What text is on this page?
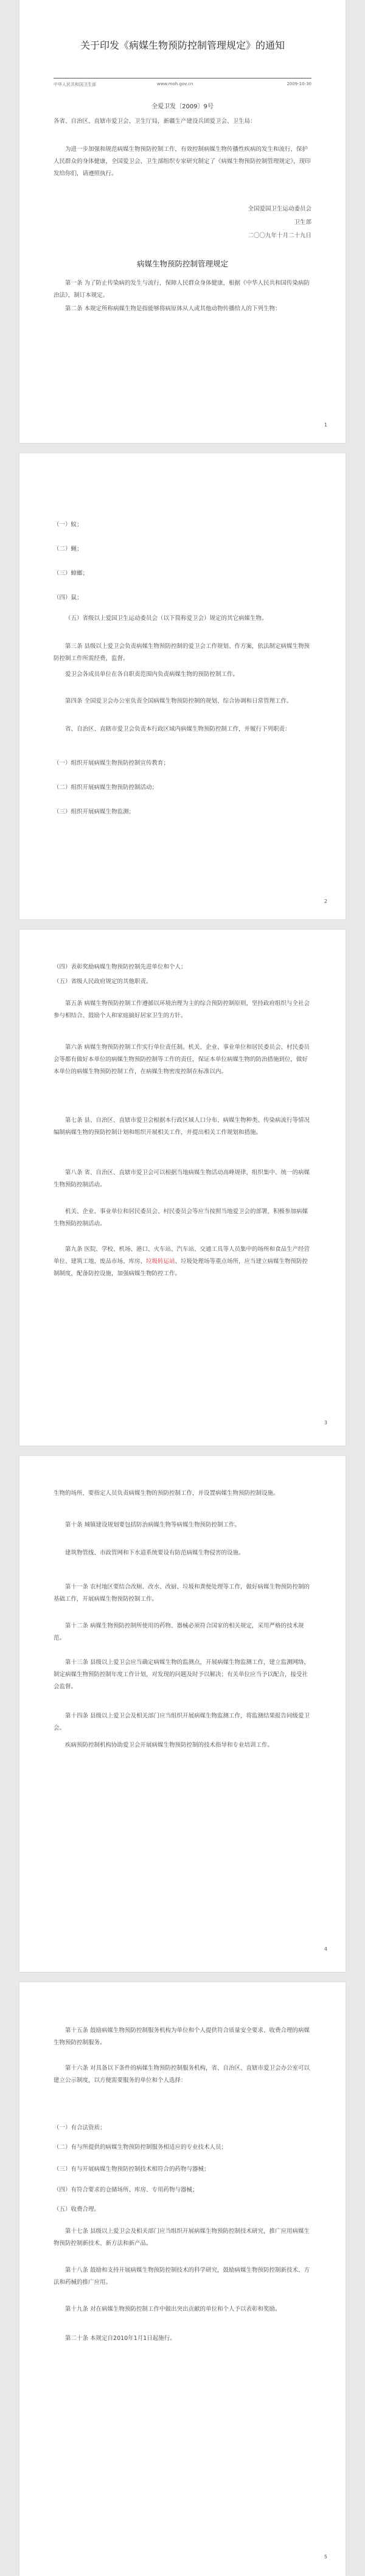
关于印发《病媒生物预防控制管理规定》的通知
中华人民共和国卫生部	www.moh.gov.cn	2009-10-30
全爱卫发〔2009〕9号

各省、自治区、直辖市爱卫会、卫生厅局，新疆生产建设兵团爱卫会、卫生局：

为进一步加强和规范病媒生物预防控制工作，有效控制病媒生物传播性疾病的发生和流行，保护人民群众的身体健康，全国爱卫会、卫生部组织专家研究制定了《病媒生物预防控制管理规定》，现印发给你们，请遵照执行。

全国爱国卫生运动委员会

卫生部

二〇〇九年十月二十九日

病媒生物预防控制管理规定

第一条 为了防止传染病的发生与流行，保障人民群众身体健康，根据《中华人民共和国传染病防治法》，制订本规定。

第二条 本规定所称病媒生物是指能够将病原体从人或其他动物传播给人的下列生物：

1

（一）蚊；

（二）蝇；

（三）蟑螂；

（四）鼠；

（五）省级以上爱国卫生运动委员会（以下简称爱卫会）规定的其它病媒生物。

第三条 县级以上爱卫会负责病媒生物预防控制的爱卫会工作规划、作方案，依法制定病媒生物预防控制工作所需经费，监督。

爱卫会各成员单位在各自职责范围内负责病媒生物的预防控制工作。

第四条 全国爱卫会办公室负责全国病媒生物预防控制的规划、综合协调和日常管理工作。

省、自治区、直辖市爱卫会负责本行政区域内病媒生物预防控制工作，并履行下列职责：

（一）组织开展病媒生物预防控制宣传教育；

（二）组织开展病媒生物预防控制活动；

（三）组织开展病媒生物监测；

2

（四）表彰奖励病媒生物预防控制先进单位和个人；

（五）省级人民政府规定的其他职责。

第五条 病媒生物预防控制工作遵循以环境治理为主的综合预防控制原则，坚持政府组织与全社会参与相结合、鼓励个人和家庭搞好居家卫生的方针。

第六条 病媒生物预防控制工作实行单位责任制。机关、企业、事业单位和居民委员会、村民委员会等都有做好本单位的病媒生物预防控制等工作的责任，保证本单位病媒生物的防治措施到位，做好本单位的病媒生物预防控制工作，在病媒生物密度控制在标准以内。

第七条 县、自治区、直辖市爱卫会根据本行政区域人口分布、病媒生物种类、传染病流行等情况编制病媒生物的预防控制计划和组织开展相关工作，并提出相关工作规划和措施。

第八条 省、自治区、直辖市爱卫会可以根据当地病媒生物活动高峰规律，组织集中、统一的病媒生物预防控制活动。

机关、企业、事业单位和居民委员会、村民委员会等应当按照当地爱卫会的部署，积极参加病媒生物预防控制活动。

第九条 医院、学校、机场、港口、火车站、汽车站、交通工具等人员集中的场所和食品生产经营单位、建筑工地、废品市场、库房、垃圾转运站、垃圾处理场等重点场所，应当建立病媒生物预防控制制度，配备防控设施，加强病媒生物防控工作。

3

生物的场所，要指定人员负责病媒生物的预防控制工作，并设置病媒生物预防控制设施。

第十条 城镇建设规划要包括防治病媒生物等病媒生物预防控制工作。

建筑物管线、市政管网和下水道系统要设有防范病媒生物侵害的设施。

第十一条 农村地区要结合改厕、改水、改厨、垃圾和粪便处理等工作，做好病媒生物预防控制的基础工作，开展病媒生物预防控制工作。

第十二条 病媒生物预防控制所使用的药物、器械必须符合国家的相关规定，采用严格的技术规范。

第十三条 县级以上爱卫会应当确定病媒生物的监测点，开展病媒生物监测工作，建立监测网络，制定病媒生物预防控制年度工作计划，对发现的问题及时予以解决；有关单位应当予以配合，接受社会监督。

第十四条 县级以上爱卫会及相关部门应当组织开展病媒生物监测工作，将监测结果报告同级爱卫会。

疾病预防控制机构协助爱卫会开展病媒生物预防控制的技术指导和专业培训工作。

4

第十五条 鼓励病媒生物预防控制服务机构为单位和个人提供符合质量安全要求、收费合理的病媒生物预防控制服务。

第十六条 对具备以下条件的病媒生物预防控制服务机构，省、自治区、直辖市爱卫会办公室可以建立公示制度，以方便需要服务的单位和个人选择：

（一）有合法资质；

（二）有与所提供的病媒生物预防控制服务相适应的专业技术人员；

（三）有与开展病媒生物预防控制技术相符合的药物与器械；

（四）有符合要求的仓储场所、库房、专用药物与器械；

（五）收费合理。

第十七条 县级以上爱卫会及相关部门应当组织开展病媒生物预防控制技术研究，推广应用病媒生物预防控制新技术、新方法和新产品。

第十八条 鼓励和支持开展病媒生物预防控制技术的科学研究，鼓励病媒生物预防控制新技术、方法和药械的推广应用。

第十九条 对在病媒生物预防控制工作中做出突出贡献的单位和个人予以表彰和奖励。

第二十条 本规定自2010年1月1日起施行。

5
